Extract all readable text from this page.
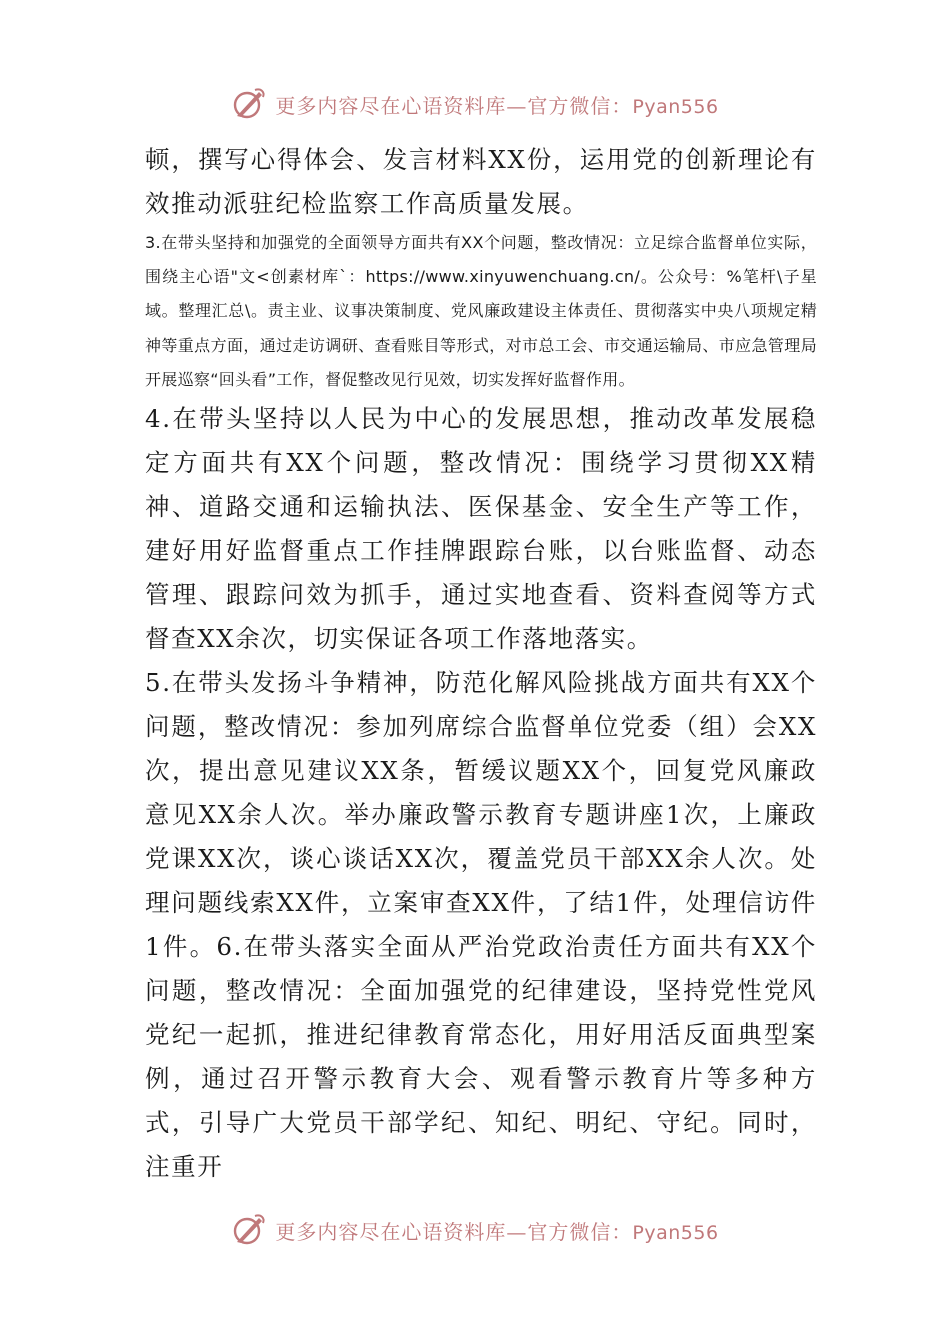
更多内容尽在心语资料库—官方微信：Pyan556

顿，撰写心得体会、发言材料XX份，运用党的创新理论有效推动派驻纪检监察工作高质量发展。

3.在带头坚持和加强党的全面领导方面共有XX个问题，整改情况：立足综合监督单位实际，围绕主心语"文<创素材库`：https://www.xinyuwenchuang.cn/。公众号：%笔杆\子星域。整理汇总\。责主业、议事决策制度、党风廉政建设主体责任、贯彻落实中央八项规定精神等重点方面，通过走访调研、查看账目等形式，对市总工会、市交通运输局、市应急管理局开展巡察“回头看”工作，督促整改见行见效，切实发挥好监督作用。

4.在带头坚持以人民为中心的发展思想，推动改革发展稳定方面共有XX个问题，整改情况：围绕学习贯彻XX精神、道路交通和运输执法、医保基金、安全生产等工作，建好用好监督重点工作挂牌跟踪台账，以台账监督、动态管理、跟踪问效为抓手，通过实地查看、资料查阅等方式督查XX余次，切实保证各项工作落地落实。

5.在带头发扬斗争精神，防范化解风险挑战方面共有XX个问题，整改情况：参加列席综合监督单位党委（组）会XX次，提出意见建议XX条，暂缓议题XX个，回复党风廉政意见XX余人次。举办廉政警示教育专题讲座1次，上廉政党课XX次，谈心谈话XX次，覆盖党员干部XX余人次。处理问题线索XX件，立案审查XX件，了结1件，处理信访件1件。6.在带头落实全面从严治党政治责任方面共有XX个问题，整改情况：全面加强党的纪律建设，坚持党性党风党纪一起抓，推进纪律教育常态化，用好用活反面典型案例，通过召开警示教育大会、观看警示教育片等多种方式，引导广大党员干部学纪、知纪、明纪、守纪。同时，注重开

更多内容尽在心语资料库—官方微信：Pyan556
